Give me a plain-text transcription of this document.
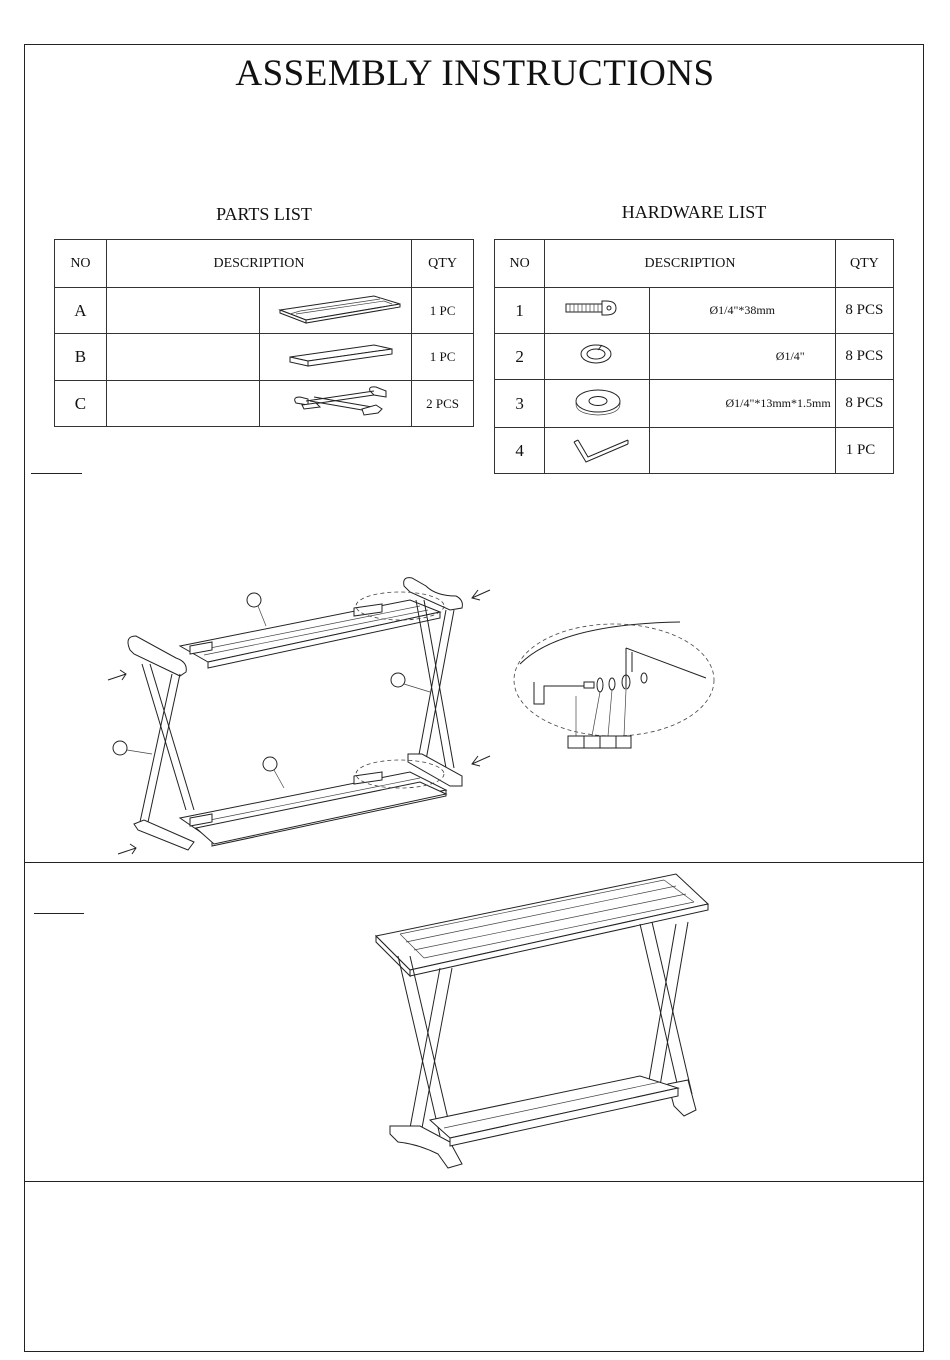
ASSEMBLY INSTRUCTIONS
PARTS LIST
NO	DESCRIPTION		QTY
A			1 PC
B			1 PC
C			2 PCS
HARDWARE LIST
NO	DESCRIPTION		QTY
1		Ø1/4"*38mm	8 PCS
2		Ø1/4"	8 PCS
3		Ø1/4"*13mm*1.5mm	8 PCS
4			1 PC
